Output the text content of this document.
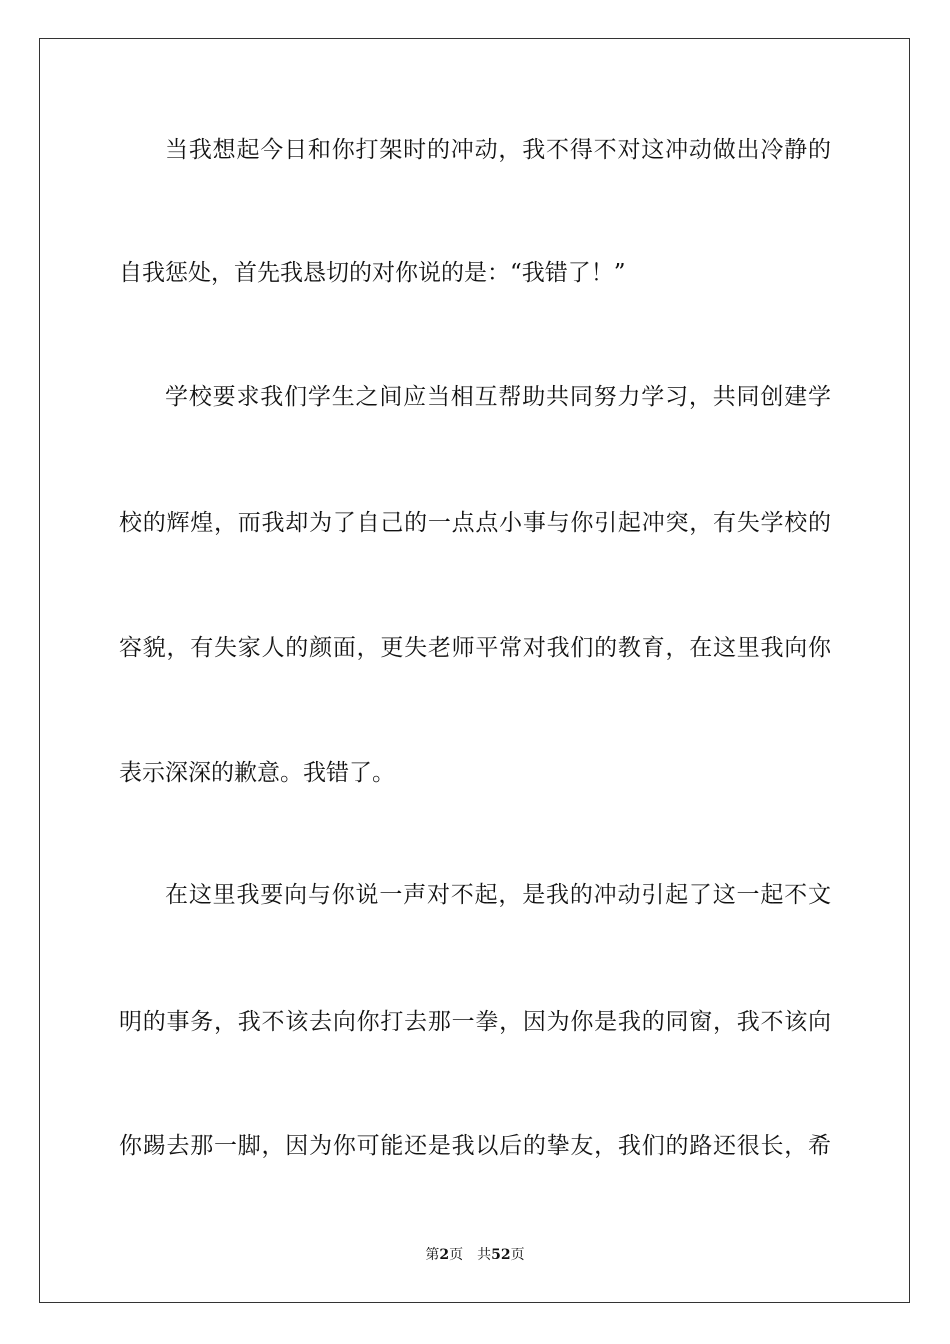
当我想起今日和你打架时的冲动，我不得不对这冲动做出冷静的
自我惩处，首先我恳切的对你说的是：“我错了！”
学校要求我们学生之间应当相互帮助共同努力学习，共同创建学
校的辉煌，而我却为了自己的一点点小事与你引起冲突，有失学校的
容貌，有失家人的颜面，更失老师平常对我们的教育，在这里我向你
表示深深的歉意。我错了。
在这里我要向与你说一声对不起，是我的冲动引起了这一起不文
明的事务，我不该去向你打去那一拳，因为你是我的同窗，我不该向
你踢去那一脚，因为你可能还是我以后的挚友，我们的路还很长，希
第2页 共52页
